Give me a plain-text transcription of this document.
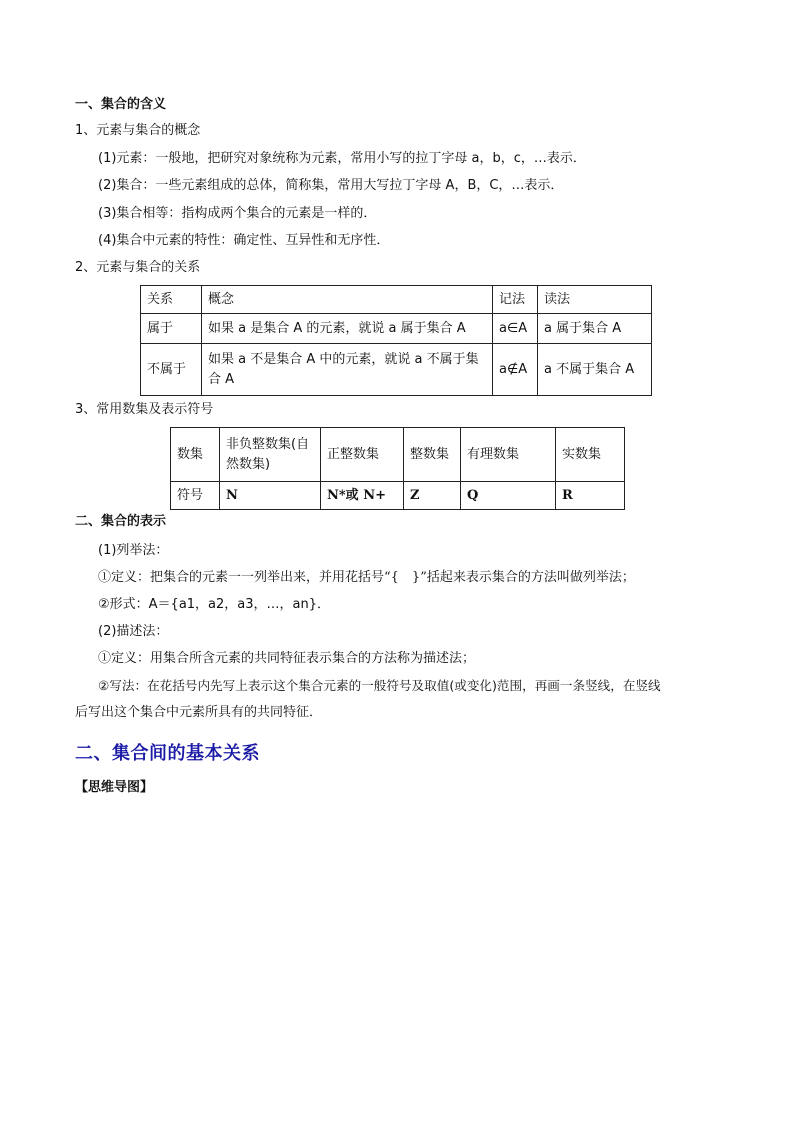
一、集合的含义
1、元素与集合的概念
(1)元素：一般地，把研究对象统称为元素，常用小写的拉丁字母 a，b，c，…表示．
(2)集合：一些元素组成的总体，简称集，常用大写拉丁字母 A，B，C，…表示．
(3)集合相等：指构成两个集合的元素是一样的．
(4)集合中元素的特性：确定性、互异性和无序性．
2、元素与集合的关系
关系	概念	记法	读法
属于	如果 a 是集合 A 的元素，就说 a 属于集合 A	a∈A	a 属于集合 A
不属于	如果 a 不是集合 A 中的元素，就说 a 不属于集合 A	a∉A	a 不属于集合 A
3、常用数集及表示符号
数集	非负整数集(自然数集)	正整数集	整数集	有理数集	实数集
符号	N	N*或 N+	Z	Q	R
二、集合的表示
(1)列举法：
①定义：把集合的元素一一列举出来，并用花括号“{　}”括起来表示集合的方法叫做列举法；
②形式：A＝{a1，a2，a3，…，an}．
(2)描述法：
①定义：用集合所含元素的共同特征表示集合的方法称为描述法；
②写法：在花括号内先写上表示这个集合元素的一般符号及取值(或变化)范围，再画一条竖线，在竖线
后写出这个集合中元素所具有的共同特征．
二、集合间的基本关系
【思维导图】
